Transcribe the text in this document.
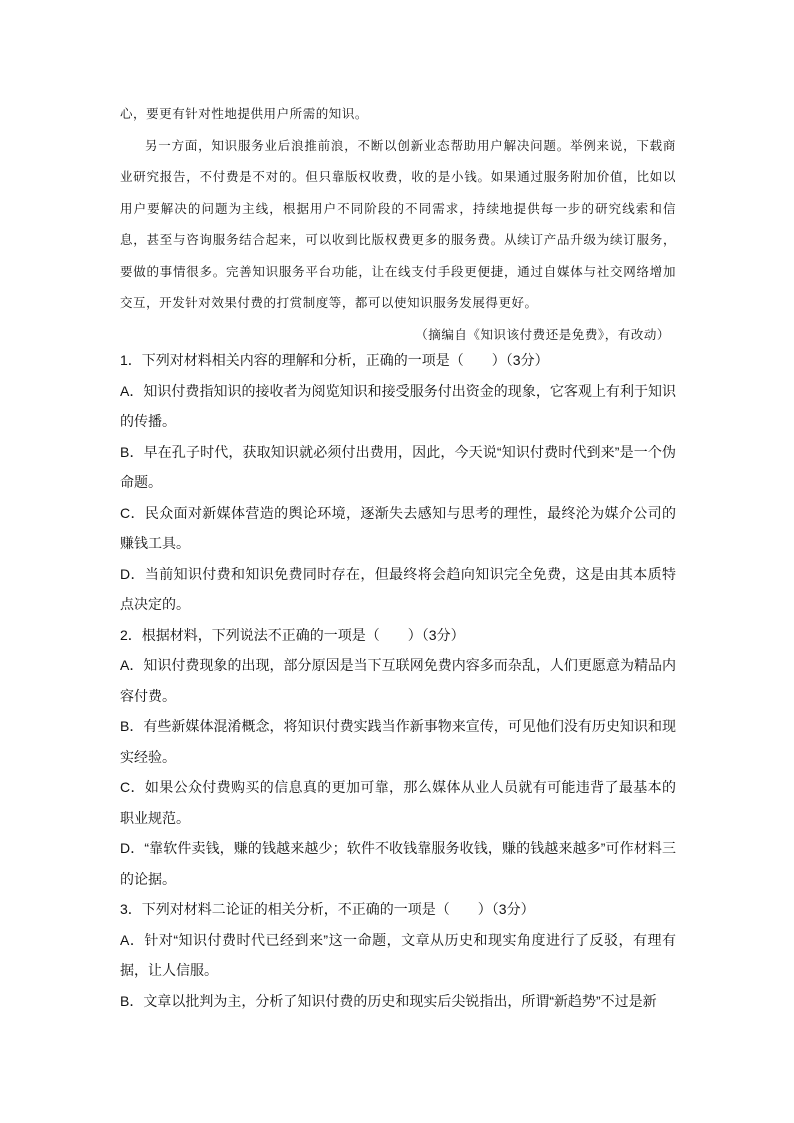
心，要更有针对性地提供用户所需的知识。

另一方面，知识服务业后浪推前浪，不断以创新业态帮助用户解决问题。举例来说，下载商业研究报告，不付费是不对的。但只靠版权收费，收的是小钱。如果通过服务附加价值，比如以用户要解决的问题为主线，根据用户不同阶段的不同需求，持续地提供每一步的研究线索和信息，甚至与咨询服务结合起来，可以收到比版权费更多的服务费。从续订产品升级为续订服务，要做的事情很多。完善知识服务平台功能，让在线支付手段更便捷，通过自媒体与社交网络增加交互，开发针对效果付费的打赏制度等，都可以使知识服务发展得更好。

（摘编自《知识该付费还是免费》，有改动）

1．下列对材料相关内容的理解和分析，正确的一项是（　　）（3分）

A．知识付费指知识的接收者为阅览知识和接受服务付出资金的现象，它客观上有利于知识的传播。

B．早在孔子时代，获取知识就必须付出费用，因此，今天说“知识付费时代到来”是一个伪命题。

C．民众面对新媒体营造的舆论环境，逐渐失去感知与思考的理性，最终沦为媒介公司的赚钱工具。

D．当前知识付费和知识免费同时存在，但最终将会趋向知识完全免费，这是由其本质特点决定的。

2．根据材料，下列说法不正确的一项是（　　）（3分）

A．知识付费现象的出现，部分原因是当下互联网免费内容多而杂乱，人们更愿意为精品内容付费。

B．有些新媒体混淆概念，将知识付费实践当作新事物来宣传，可见他们没有历史知识和现实经验。

C．如果公众付费购买的信息真的更加可靠，那么媒体从业人员就有可能违背了最基本的职业规范。

D．“靠软件卖钱，赚的钱越来越少；软件不收钱靠服务收钱，赚的钱越来越多”可作材料三的论据。

3．下列对材料二论证的相关分析，不正确的一项是（　　）（3分）

A．针对“知识付费时代已经到来”这一命题，文章从历史和现实角度进行了反驳，有理有据，让人信服。

B．文章以批判为主，分析了知识付费的历史和现实后尖锐指出，所谓“新趋势”不过是新
